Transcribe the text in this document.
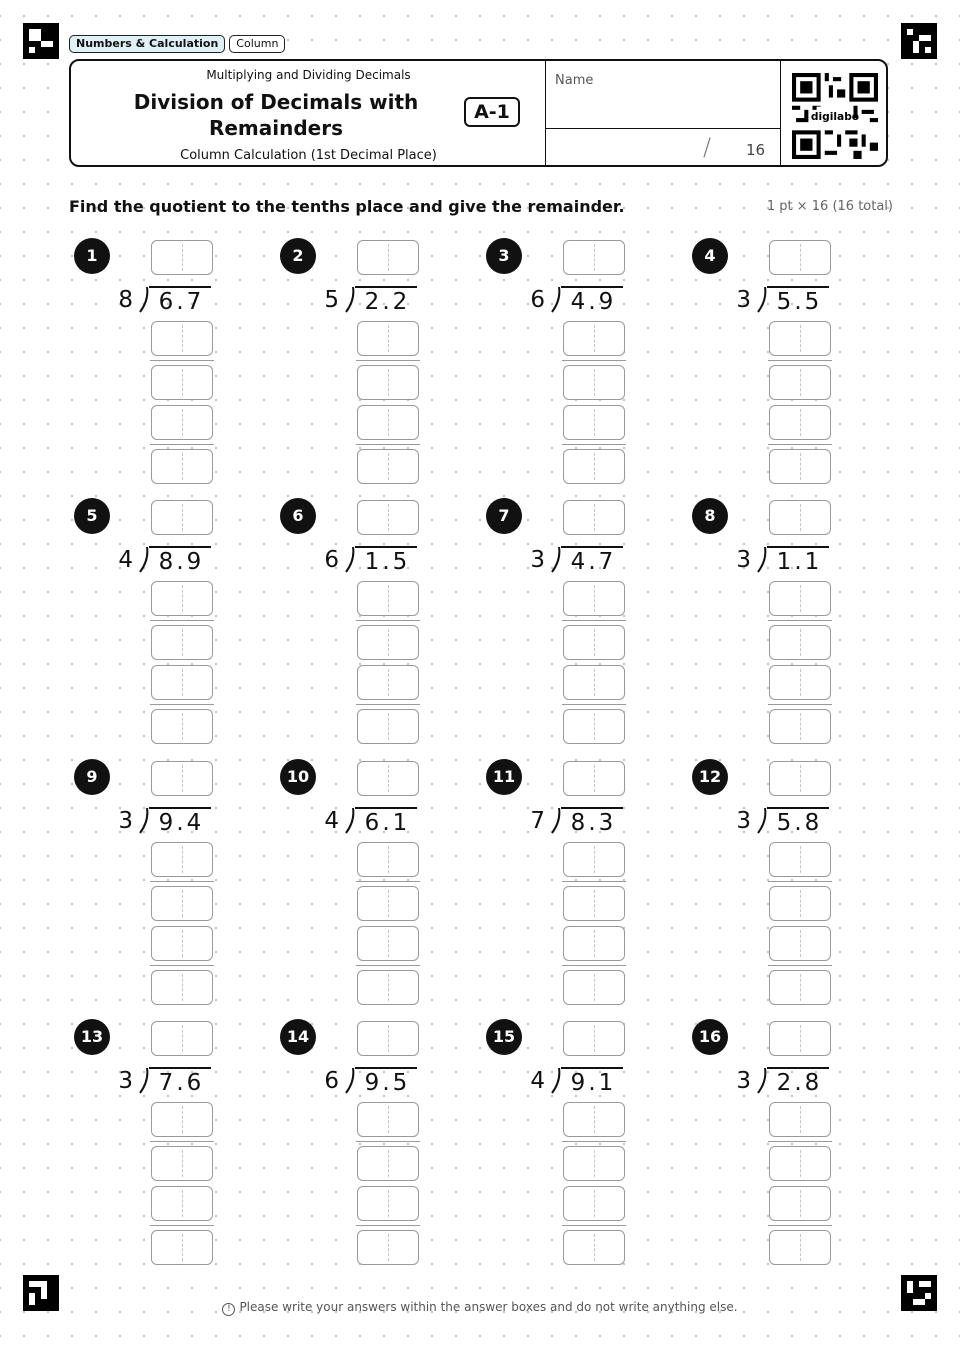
Numbers & Calculation	Column
Multiplying and Dividing Decimals
Division of Decimals with Remainders
A-1
Column Calculation (1st Decimal Place)
Name
/ 16
digilabo
Find the quotient to the tenths place and give the remainder.	1 pt × 16 (16 total)
1
8 6 . 7
2
5 2 . 2
3
6 4 . 9
4
3 5 . 5
5
4 8 . 9
6
6 1 . 5
7
3 4 . 7
8
3 1 . 1
9
3 9 . 4
10
4 6 . 1
11
7 8 . 3
12
3 5 . 8
13
3 7 . 6
14
6 9 . 5
15
4 9 . 1
16
3 2 . 8
! Please write your answers within the answer boxes and do not write anything else.
